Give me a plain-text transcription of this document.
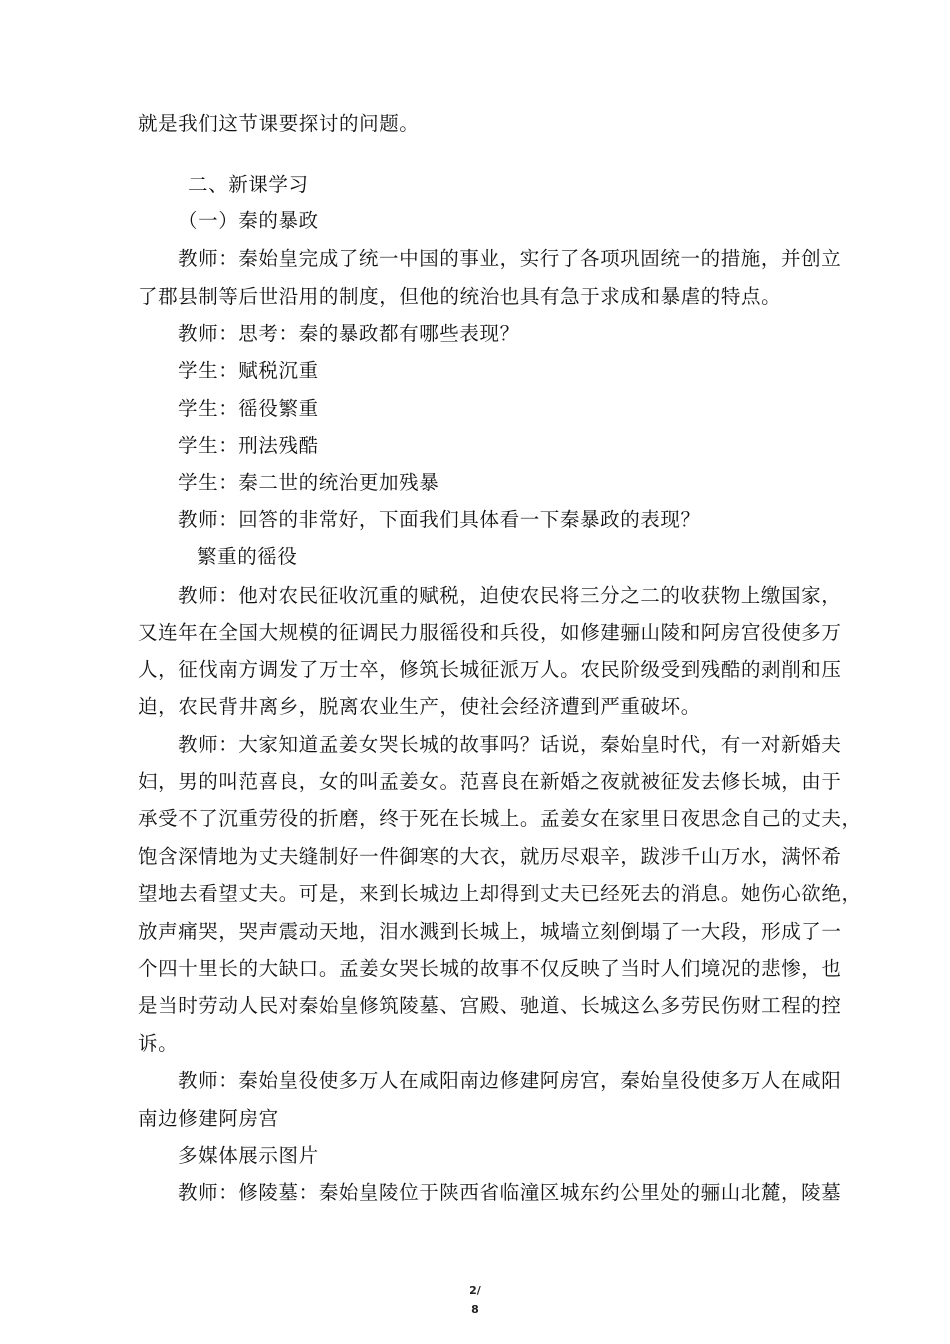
就是我们这节课要探讨的问题。

二、新课学习

（一）秦的暴政

教师：秦始皇完成了统一中国的事业，实行了各项巩固统一的措施，并创立

了郡县制等后世沿用的制度，但他的统治也具有急于求成和暴虐的特点。

教师：思考：秦的暴政都有哪些表现？

学生：赋税沉重

学生：徭役繁重

学生：刑法残酷

学生：秦二世的统治更加残暴

教师：回答的非常好，下面我们具体看一下秦暴政的表现？

繁重的徭役

教师：他对农民征收沉重的赋税，迫使农民将三分之二的收获物上缴国家，

又连年在全国大规模的征调民力服徭役和兵役，如修建骊山陵和阿房宫役使多万

人，征伐南方调发了万士卒，修筑长城征派万人。农民阶级受到残酷的剥削和压

迫，农民背井离乡，脱离农业生产，使社会经济遭到严重破坏。

教师：大家知道孟姜女哭长城的故事吗？话说，秦始皇时代，有一对新婚夫

妇，男的叫范喜良，女的叫孟姜女。范喜良在新婚之夜就被征发去修长城，由于

承受不了沉重劳役的折磨，终于死在长城上。孟姜女在家里日夜思念自己的丈夫，

饱含深情地为丈夫缝制好一件御寒的大衣，就历尽艰辛，跋涉千山万水，满怀希

望地去看望丈夫。可是，来到长城边上却得到丈夫已经死去的消息。她伤心欲绝，

放声痛哭，哭声震动天地，泪水溅到长城上，城墙立刻倒塌了一大段，形成了一

个四十里长的大缺口。孟姜女哭长城的故事不仅反映了当时人们境况的悲惨，也

是当时劳动人民对秦始皇修筑陵墓、宫殿、驰道、长城这么多劳民伤财工程的控

诉。

教师：秦始皇役使多万人在咸阳南边修建阿房宫，秦始皇役使多万人在咸阳

南边修建阿房宫

多媒体展示图片

教师：修陵墓：秦始皇陵位于陕西省临潼区城东约公里处的骊山北麓，陵墓

2/
8
